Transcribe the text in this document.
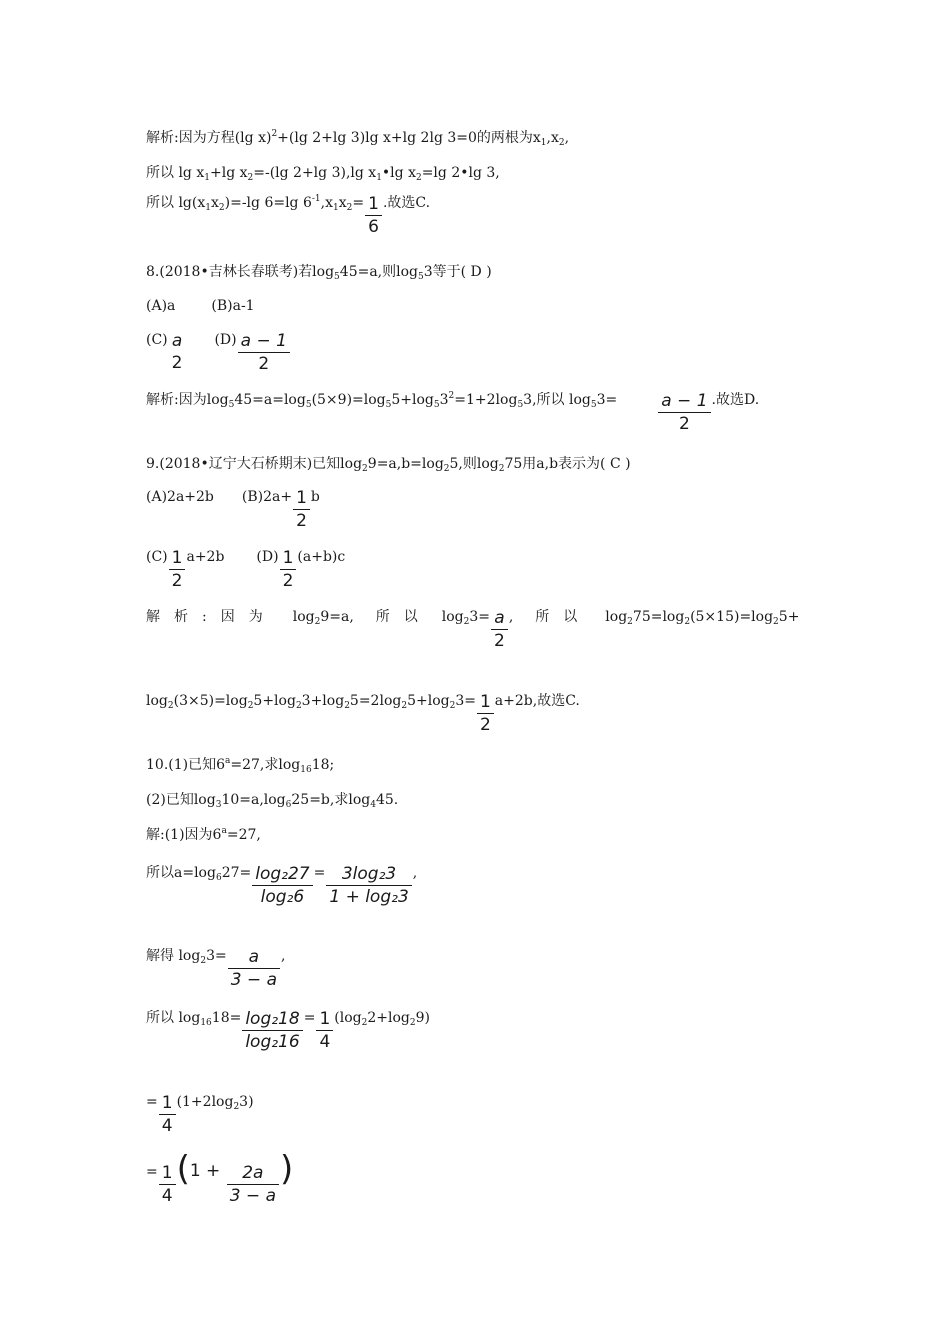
解析:因为方程(lg x)$^2$+(lg 2+lg 3)lg x+lg 2lg 3=0的两根为$x_1,x_2$,
所以 $\lg x_1+\lg$ $x_2=-(\lg$ 2+lg 3),lg $x_1•\lg$ $x_2=\lg$ 2•lg 3,
所以 $\lg(x_1x_2)=-\lg$ 6=lg $6^{-1},x_1x_2= \frac{1}{6}$ .故选C.
8.(2018•吉林长春联考)若$\log_545=a$,则$\log_53$等于( D )
(A)a	(B)a-1
(C) a
2
$(D) \frac{a - 1}{2}$
解析:因为$\log_545=a=\log_5(5\times 9)=\log_55+\log_53^2=1+2\log_53$,所以 $\log_53= \frac{a - 1}{2}$ .故选D.
9.(2018•辽宁大石桥期末)已知$\log_29=a,b=\log_25$,则$\log_275$用a,b表示为( C )
(A)2a+2b $(B)2a+ \frac{1}{2}$ b
$(C) \frac{1}{2} a+2b$ $(D) \frac{1}{2} (a+b)c$
解析:因为 $\log_29=a$, 所以 $\log_23= \frac{a}{2}$ , 所以 $\log_275=\log_2(5\times 15)=\log_25+$
$\log_2(3\times 5)=\log_25+\log_23+\log_25=2\log_25+\log_23= \frac{1}{2} a+2b$,故选C.
10.(1)已知$6^a=27$,求$\log_{16}18$;
(2)已知$\log_310=a,\log_625=b$,求$\log_445$.
解:(1)因为$6^a=27$,
所以$a=\log_627= \frac{\text{log₂27}}{\text{log₂6}} = \frac{\text{3log₂3}}{\text{1 + log₂3}}$ ,
解得 $\log_23= \frac{a}{3 - a}$ ,
所以 $\log_{16}18= \frac{\text{log₂18}}{\text{log₂16}} = \frac{1}{4} (\log_22+\log_29)$
= $\frac{1}{4} (1+2\log_23)$
= $\frac{1}{4} (1 + \frac{2a}{3 - a}$ )
